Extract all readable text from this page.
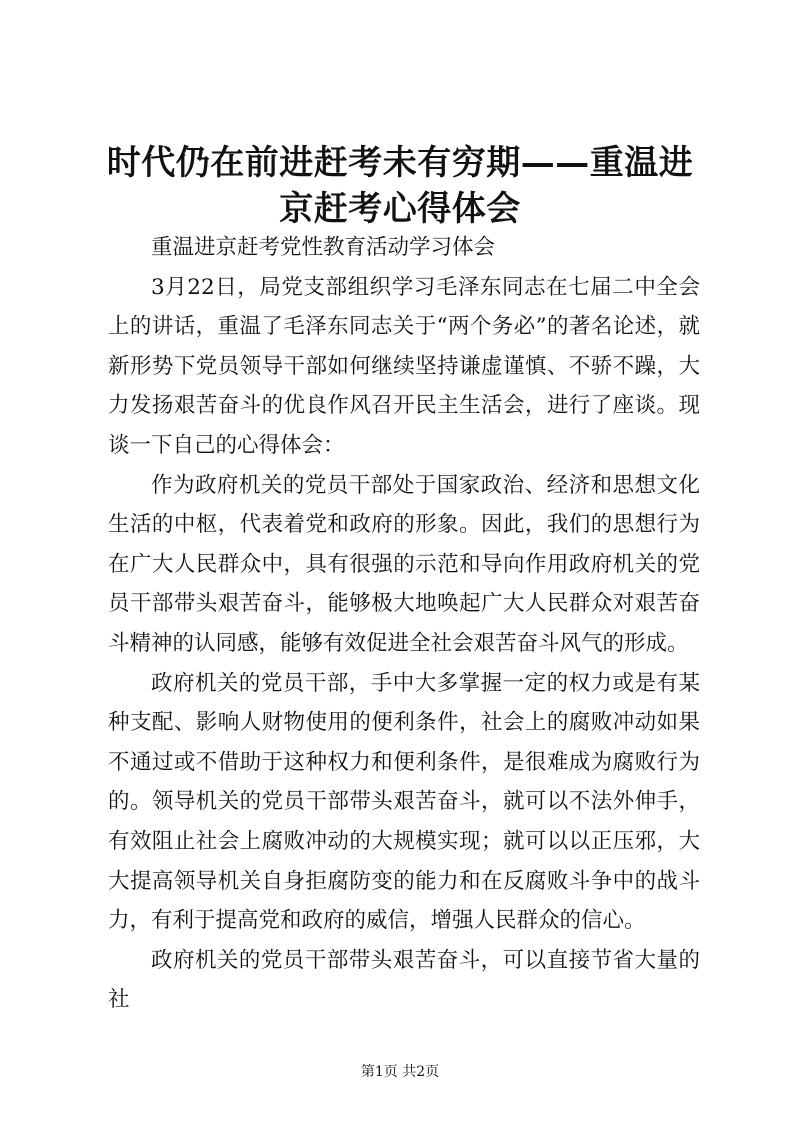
时代仍在前进赶考未有穷期——重温进京赶考心得体会

重温进京赶考党性教育活动学习体会

3月22日，局党支部组织学习毛泽东同志在七届二中全会上的讲话，重温了毛泽东同志关于“两个务必”的著名论述，就新形势下党员领导干部如何继续坚持谦虚谨慎、不骄不躁，大力发扬艰苦奋斗的优良作风召开民主生活会，进行了座谈。现谈一下自己的心得体会：

作为政府机关的党员干部处于国家政治、经济和思想文化生活的中枢，代表着党和政府的形象。因此，我们的思想行为在广大人民群众中，具有很强的示范和导向作用政府机关的党员干部带头艰苦奋斗，能够极大地唤起广大人民群众对艰苦奋斗精神的认同感，能够有效促进全社会艰苦奋斗风气的形成。

政府机关的党员干部，手中大多掌握一定的权力或是有某种支配、影响人财物使用的便利条件，社会上的腐败冲动如果不通过或不借助于这种权力和便利条件，是很难成为腐败行为的。领导机关的党员干部带头艰苦奋斗，就可以不法外伸手，有效阻止社会上腐败冲动的大规模实现；就可以以正压邪，大大提高领导机关自身拒腐防变的能力和在反腐败斗争中的战斗力，有利于提高党和政府的威信，增强人民群众的信心。

政府机关的党员干部带头艰苦奋斗，可以直接节省大量的社

第1页 共2页
